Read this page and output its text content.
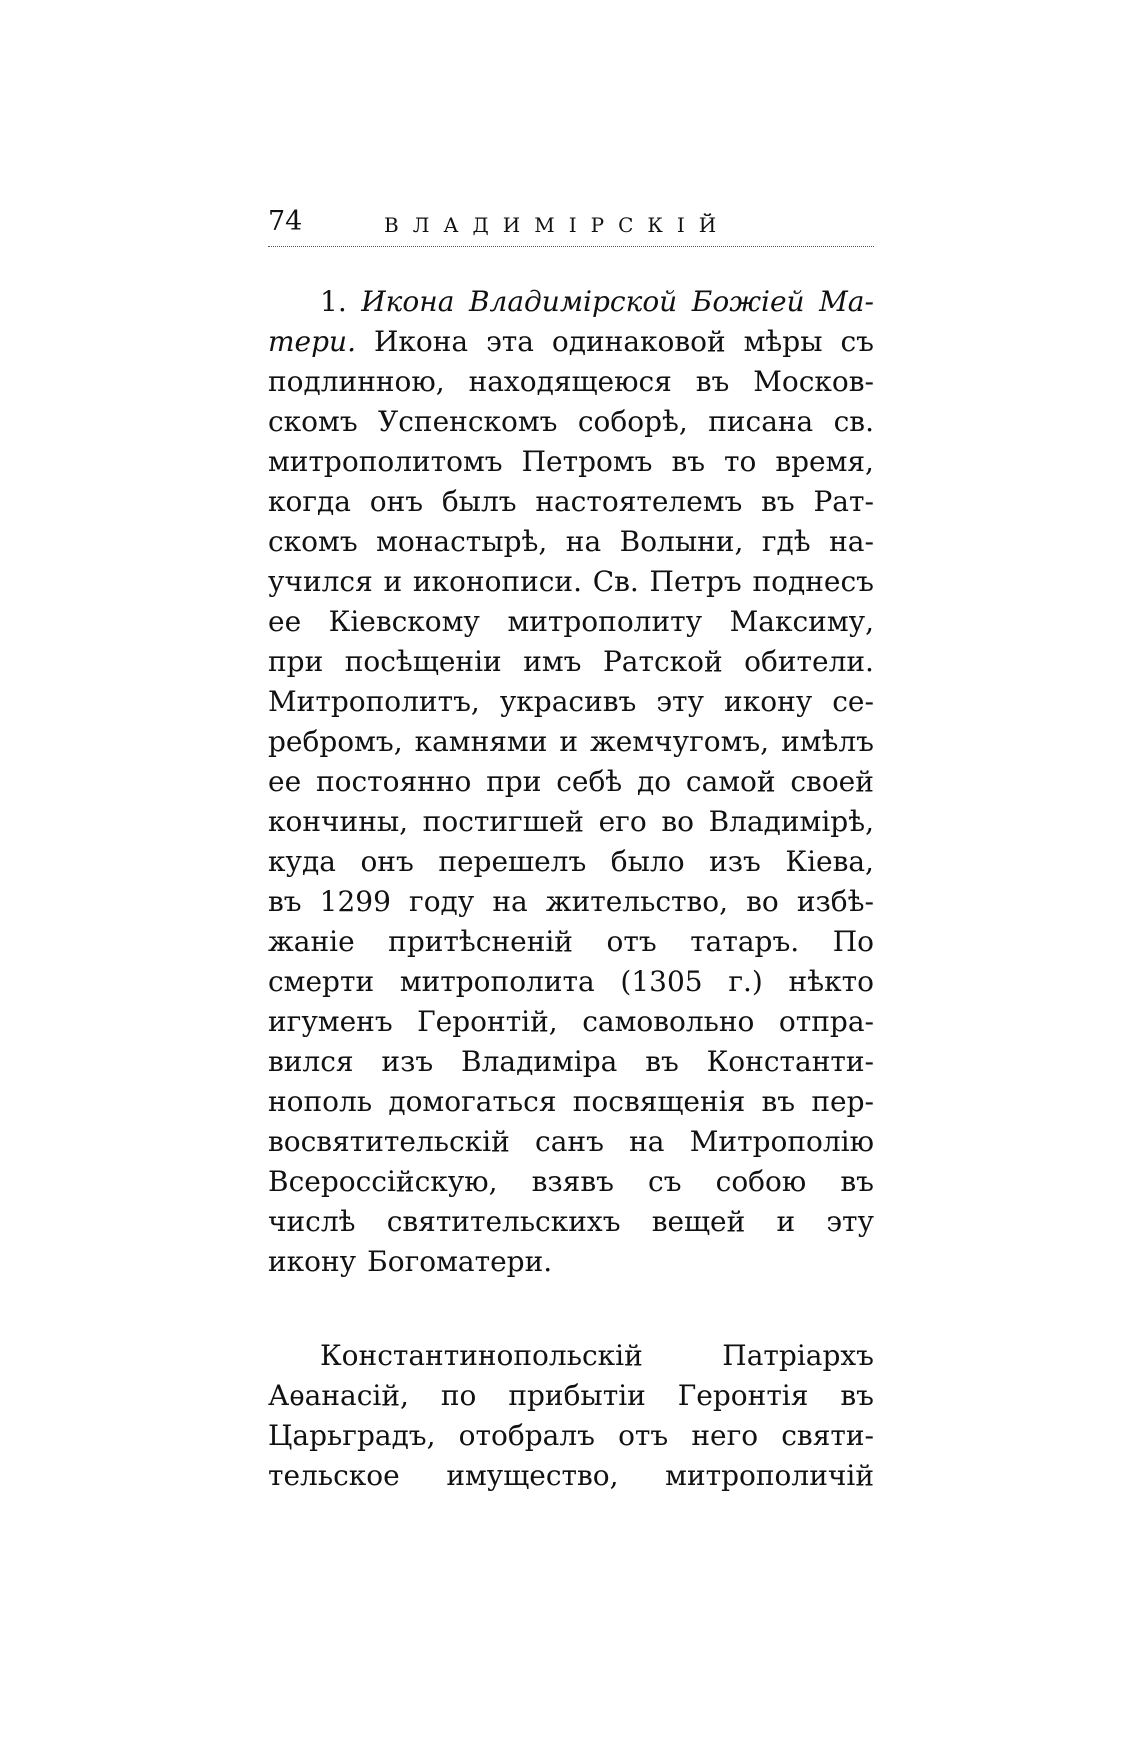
74	ВЛАДИМІРСКІЙ
1. Икона Владимірской Божіей Ма-
тери. Икона эта одинаковой мѣры съ
подлинною, находящеюся въ Москов-
скомъ Успенскомъ соборѣ, писана св.
митрополитомъ Петромъ въ то время,
когда онъ былъ настоятелемъ въ Рат-
скомъ монастырѣ, на Волыни, гдѣ на-
учился и иконописи. Св. Петръ поднесъ
ее Кіевскому митрополиту Максиму,
при посѣщеніи имъ Ратской обители.
Митрополитъ, украсивъ эту икону се-
ребромъ, камнями и жемчугомъ, имѣлъ
ее постоянно при себѣ до самой своей
кончины, постигшей его во Владимірѣ,
куда онъ перешелъ было изъ Кіева,
въ 1299 году на жительство, во избѣ-
жаніе притѣсненій отъ татаръ. По
смерти митрополита (1305 г.) нѣкто
игуменъ Геронтій, самовольно отпра-
вился изъ Владиміра въ Константи-
нополь домогаться посвященія въ пер-
восвятительскій санъ на Митрополію
Всероссійскую, взявъ съ собою въ
числѣ святительскихъ вещей и эту
икону Богоматери.
Константинопольскій	Патріархъ
Аѳанасій, по прибытіи Геронтія въ
Царьградъ, отобралъ отъ него святи-
тельское имущество, митрополичій
